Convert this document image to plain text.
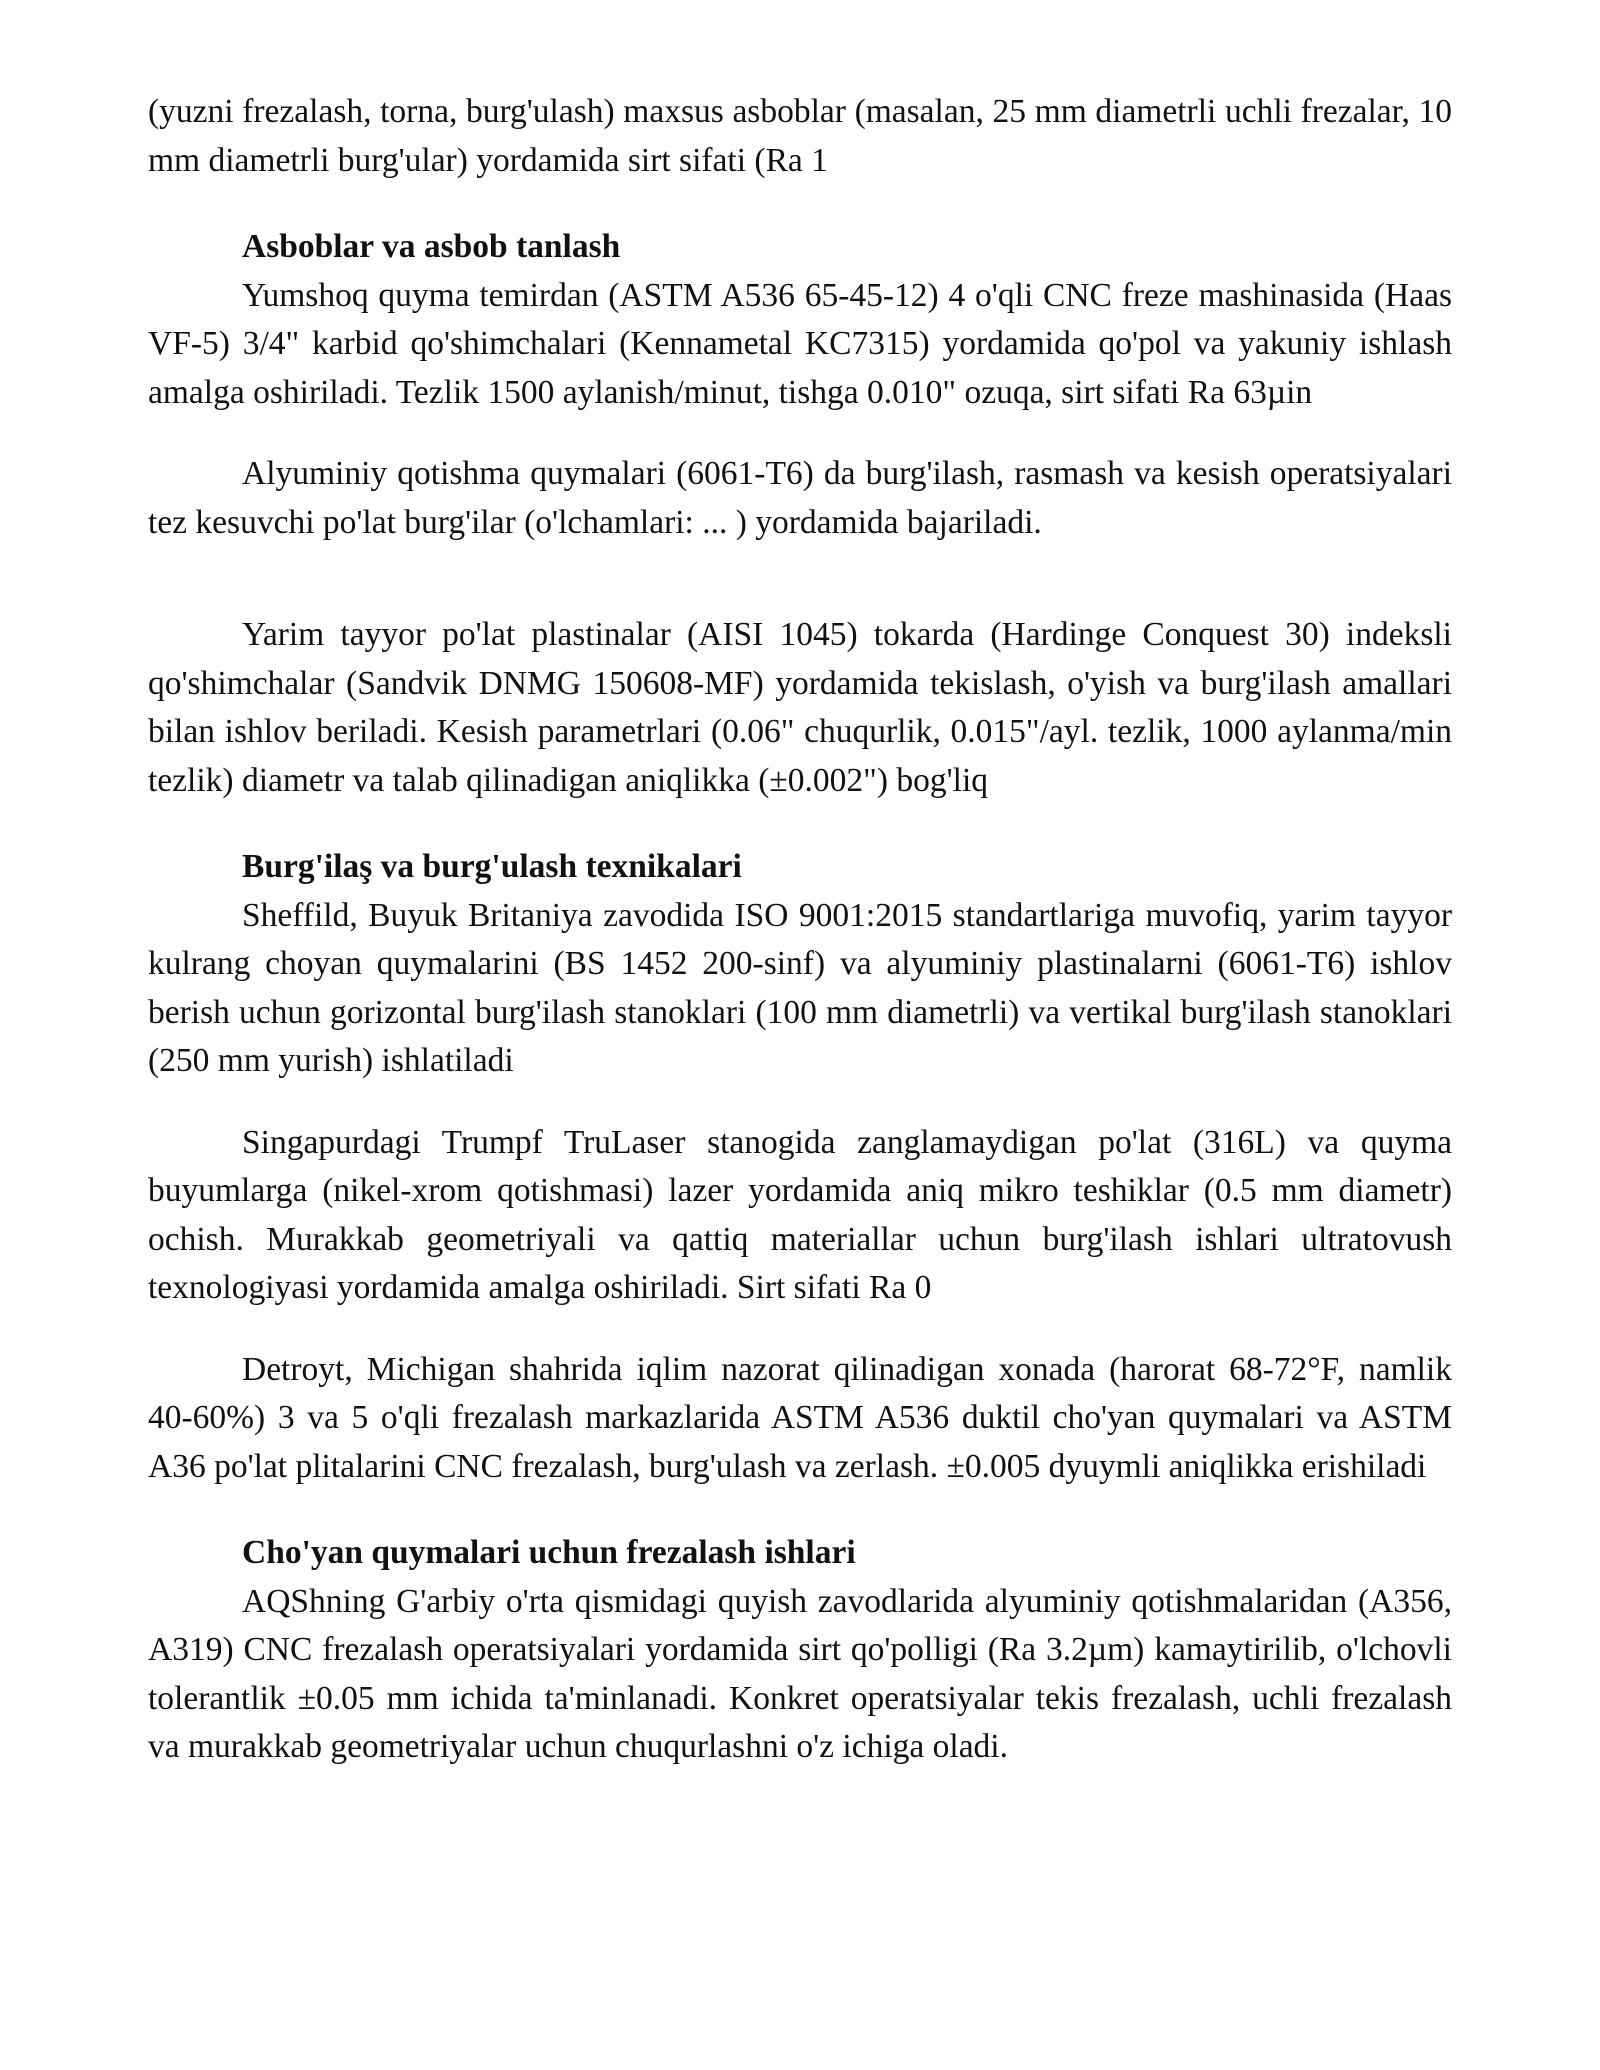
(yuzni frezalash, torna, burg'ulash) maxsus asboblar (masalan, 25 mm diametrli uchli frezalar, 10 mm diametrli burg'ular) yordamida sirt sifati (Ra 1

Asboblar va asbob tanlash

Yumshoq quyma temirdan (ASTM A536 65-45-12) 4 o'qli CNC freze mashinasida (Haas VF-5) 3/4" karbid qo'shimchalari (Kennametal KC7315) yordamida qo'pol va yakuniy ishlash amalga oshiriladi. Tezlik 1500 aylanish/minut, tishga 0.010" ozuqa, sirt sifati Ra 63µin

Alyuminiy qotishma quymalari (6061-T6) da burg'ilash, rasmash va kesish operatsiyalari tez kesuvchi po'lat burg'ilar (o'lchamlari: ... ) yordamida bajariladi.

Yarim tayyor po'lat plastinalar (AISI 1045) tokarda (Hardinge Conquest 30) indeksli qo'shimchalar (Sandvik DNMG 150608-MF) yordamida tekislash, o'yish va burg'ilash amallari bilan ishlov beriladi. Kesish parametrlari (0.06" chuqurlik, 0.015"/ayl. tezlik, 1000 aylanma/min tezlik) diametr va talab qilinadigan aniqlikka (±0.002") bog'liq

Burg'ilaş va burg'ulash texnikalari

Sheffild, Buyuk Britaniya zavodida ISO 9001:2015 standartlariga muvofiq, yarim tayyor kulrang choyan quymalarini (BS 1452 200-sinf) va alyuminiy plastinalarni (6061-T6) ishlov berish uchun gorizontal burg'ilash stanoklari (100 mm diametrli) va vertikal burg'ilash stanoklari (250 mm yurish) ishlatiladi

Singapurdagi Trumpf TruLaser stanogida zanglamaydigan po'lat (316L) va quyma buyumlarga (nikel-xrom qotishmasi) lazer yordamida aniq mikro teshiklar (0.5 mm diametr) ochish. Murakkab geometriyali va qattiq materiallar uchun burg'ilash ishlari ultratovush texnologiyasi yordamida amalga oshiriladi. Sirt sifati Ra 0

Detroyt, Michigan shahrida iqlim nazorat qilinadigan xonada (harorat 68-72°F, namlik 40-60%) 3 va 5 o'qli frezalash markazlarida ASTM A536 duktil cho'yan quymalari va ASTM A36 po'lat plitalarini CNC frezalash, burg'ulash va zerlash. ±0.005 dyuymli aniqlikka erishiladi

Cho'yan quymalari uchun frezalash ishlari

AQShning G'arbiy o'rta qismidagi quyish zavodlarida alyuminiy qotishmalaridan (A356, A319) CNC frezalash operatsiyalari yordamida sirt qo'polligi (Ra 3.2µm) kamaytirilib, o'lchovli tolerantlik ±0.05 mm ichida ta'minlanadi. Konkret operatsiyalar tekis frezalash, uchli frezalash va murakkab geometriyalar uchun chuqurlashni o'z ichiga oladi.
